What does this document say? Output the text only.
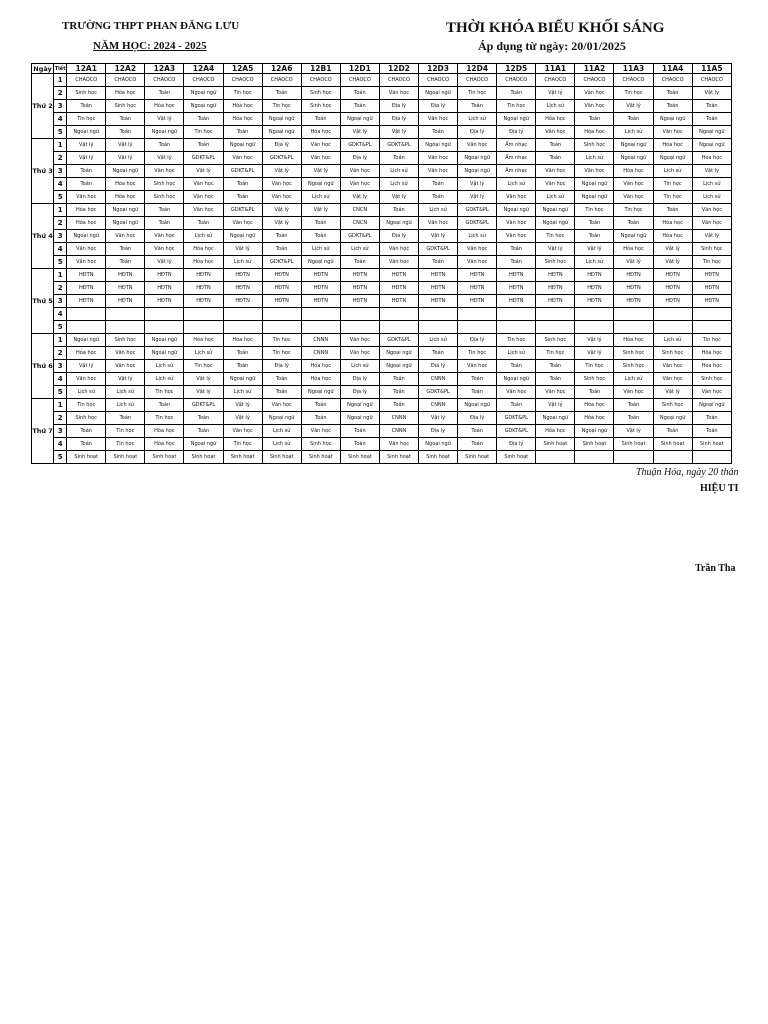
TRƯỜNG THPT PHAN ĐĂNG LƯU
NĂM HỌC: 2024 - 2025
THỜI KHÓA BIỂU KHỐI SÁNG
Áp dụng từ ngày: 20/01/2025
Ngày	Tiết	12A1	12A2	12A3	12A4	12A5	12A6	12B1	12D1	12D2	12D3	12D4	12D5	11A1	11A2	11A3	11A4	11A5
Thứ 2	1	CHAOCO	CHAOCO	CHAOCO	CHAOCO	CHAOCO	CHAOCO	CHAOCO	CHAOCO	CHAOCO	CHAOCO	CHAOCO	CHAOCO	CHAOCO	CHAOCO	CHAOCO	CHAOCO	CHAOCO
	2	Sinh học	Hóa học	Toán	Ngoại ngữ	Tin học	Toán	Sinh học	Toán	Văn học	Ngoại ngữ	Tin học	Toán	Vật lý	Văn học	Tin học	Toán	Vật lý
	3	Toán	Sinh học	Hóa học	Ngoại ngữ	Hóa học	Tin học	Sinh học	Toán	Địa lý	Địa lý	Toán	Tin học	Lịch sử	Văn học	Vật lý	Toán	Toán
	4	Tin học	Toán	Vật lý	Toán	Hóa học	Ngoại ngữ	Toán	Ngoại ngữ	Địa lý	Văn học	Lịch sử	Ngoại ngữ	Hóa học	Toán	Toán	Ngoại ngữ	Toán
	5	Ngoại ngữ	Toán	Ngoại ngữ	Tin học	Toán	Ngoại ngữ	Hóa học	Vật lý	Vật lý	Toán	Địa lý	Địa lý	Văn học	Hóa học	Lịch sử	Văn học	Ngoại ngữ
Thứ 3	1	Vật lý	Vật lý	Toán	Toán	Ngoại ngữ	Địa lý	Văn học	GDKT&PL	GDKT&PL	Ngoại ngữ	Văn học	Âm nhạc	Toán	Sinh học	Ngoại ngữ	Hóa học	Ngoại ngữ
	2	Vật lý	Vật lý	Vật lý	GDKT&PL	Văn học	GDKT&PL	Văn học	Địa lý	Toán	Văn học	Ngoại ngữ	Âm nhạc	Toán	Lịch sử	Ngoại ngữ	Ngoại ngữ	Hóa học
	3	Toán	Ngoại ngữ	Văn học	Vật lý	GDKT&PL	Vật lý	Vật lý	Văn học	Lịch sử	Văn học	Ngoại ngữ	Âm nhạc	Văn học	Văn học	Hóa học	Lịch sử	Vật lý
	4	Toán	Hóa học	Sinh học	Văn học	Toán	Văn học	Ngoại ngữ	Văn học	Lịch sử	Toán	Vật lý	Lịch sử	Văn học	Ngoại ngữ	Văn học	Tin học	Lịch sử
	5	Văn học	Hóa học	Sinh học	Văn học	Toán	Văn học	Lịch sử	Vật lý	Vật lý	Toán	Vật lý	Văn học	Lịch sử	Ngoại ngữ	Văn học	Tin học	Lịch sử
Thứ 4	1	Hóa học	Ngoại ngữ	Toán	Văn học	GDKT&PL	Vật lý	Vật lý	CNCN	Toán	Lịch sử	GDKT&PL	Ngoại ngữ	Ngoại ngữ	Tin học	Tin học	Toán	Văn học
	2	Hóa học	Ngoại ngữ	Toán	Toán	Văn học	Vật lý	Toán	CNCN	Ngoại ngữ	Văn học	GDKT&PL	Văn học	Ngoại ngữ	Toán	Toán	Hóa học	Văn học
	3	Ngoại ngữ	Văn học	Văn học	Lịch sử	Ngoại ngữ	Toán	Toán	GDKT&PL	Địa lý	Vật lý	Lịch sử	Văn học	Tin học	Toán	Ngoại ngữ	Hóa học	Vật lý
	4	Văn học	Toán	Văn học	Hóa học	Vật lý	Toán	Lịch sử	Lịch sử	Văn học	GDKT&PL	Văn học	Toán	Vật lý	Vật lý	Hóa học	Vật lý	Sinh học
	5	Văn học	Toán	Vật lý	Hóa học	Lịch sử	GDKT&PL	Ngoại ngữ	Toán	Văn học	Toán	Văn học	Toán	Sinh học	Lịch sử	Vật lý	Vật lý	Tin học
Thứ 5	1	HĐTN	HĐTN	HĐTN	HĐTN	HĐTN	HĐTN	HĐTN	HĐTN	HĐTN	HĐTN	HĐTN	HĐTN	HĐTN	HĐTN	HĐTN	HĐTN	HĐTN
	2	HĐTN	HĐTN	HĐTN	HĐTN	HĐTN	HĐTN	HĐTN	HĐTN	HĐTN	HĐTN	HĐTN	HĐTN	HĐTN	HĐTN	HĐTN	HĐTN	HĐTN
	3	HĐTN	HĐTN	HĐTN	HĐTN	HĐTN	HĐTN	HĐTN	HĐTN	HĐTN	HĐTN	HĐTN	HĐTN	HĐTN	HĐTN	HĐTN	HĐTN	HĐTN
	4																	
	5																	
Thứ 6	1	Ngoại ngữ	Sinh học	Ngoại ngữ	Hóa học	Hóa học	Tin học	CNNN	Văn học	GDKT&PL	Lịch sử	Địa lý	Tin học	Sinh học	Vật lý	Hóa học	Lịch sử	Tin học
	2	Hóa học	Văn học	Ngoại ngữ	Lịch sử	Toán	Tin học	CNNN	Văn học	Ngoại ngữ	Toán	Tin học	Lịch sử	Tin học	Vật lý	Sinh học	Sinh học	Hóa học
	3	Vật lý	Văn học	Lịch sử	Tin học	Toán	Địa lý	Hóa học	Lịch sử	Ngoại ngữ	Địa lý	Văn học	Toán	Toán	Tin học	Sinh học	Văn học	Hóa học
	4	Văn học	Vật lý	Lịch sử	Vật lý	Ngoại ngữ	Toán	Hóa học	Địa lý	Toán	CNNN	Toán	Ngoại ngữ	Toán	Sinh học	Lịch sử	Văn học	Sinh học
	5	Lịch sử	Lịch sử	Tin học	Vật lý	Lịch sử	Toán	Ngoại ngữ	Địa lý	Toán	GDKT&PL	Toán	Văn học	Văn học	Toán	Văn học	Vật lý	Văn học
Thứ 7	1	Tin học	Lịch sử	Toán	GDKT&PL	Vật lý	Văn học	Toán	Ngoại ngữ	Toán	CNNN	Ngoại ngữ	Toán	Vật lý	Hóa học	Toán	Sinh học	Ngoại ngữ
	2	Sinh học	Toán	Tin học	Toán	Vật lý	Ngoại ngữ	Toán	Ngoại ngữ	CNNN	Vật lý	Địa lý	GDKT&PL	Ngoại ngữ	Hóa học	Toán	Ngoại ngữ	Toán
	3	Toán	Tin học	Hóa học	Toán	Văn học	Lịch sử	Văn học	Toán	CNNN	Địa lý	Toán	GDKT&PL	Hóa học	Ngoại ngữ	Vật lý	Toán	Toán
	4	Toán	Tin học	Hóa học	Ngoại ngữ	Tin học	Lịch sử	Sinh học	Toán	Văn học	Ngoại ngữ	Toán	Địa lý	Sinh hoạt	Sinh hoạt	Sinh hoạt	Sinh hoạt	Sinh hoạt
	5	Sinh hoạt	Sinh hoạt	Sinh hoạt	Sinh hoạt	Sinh hoạt	Sinh hoạt	Sinh hoạt	Sinh hoạt	Sinh hoạt	Sinh hoạt	Sinh hoạt	Sinh hoạt					
Thuận Hóa, ngày 20 thán
HIỆU TI
Trần Tha
